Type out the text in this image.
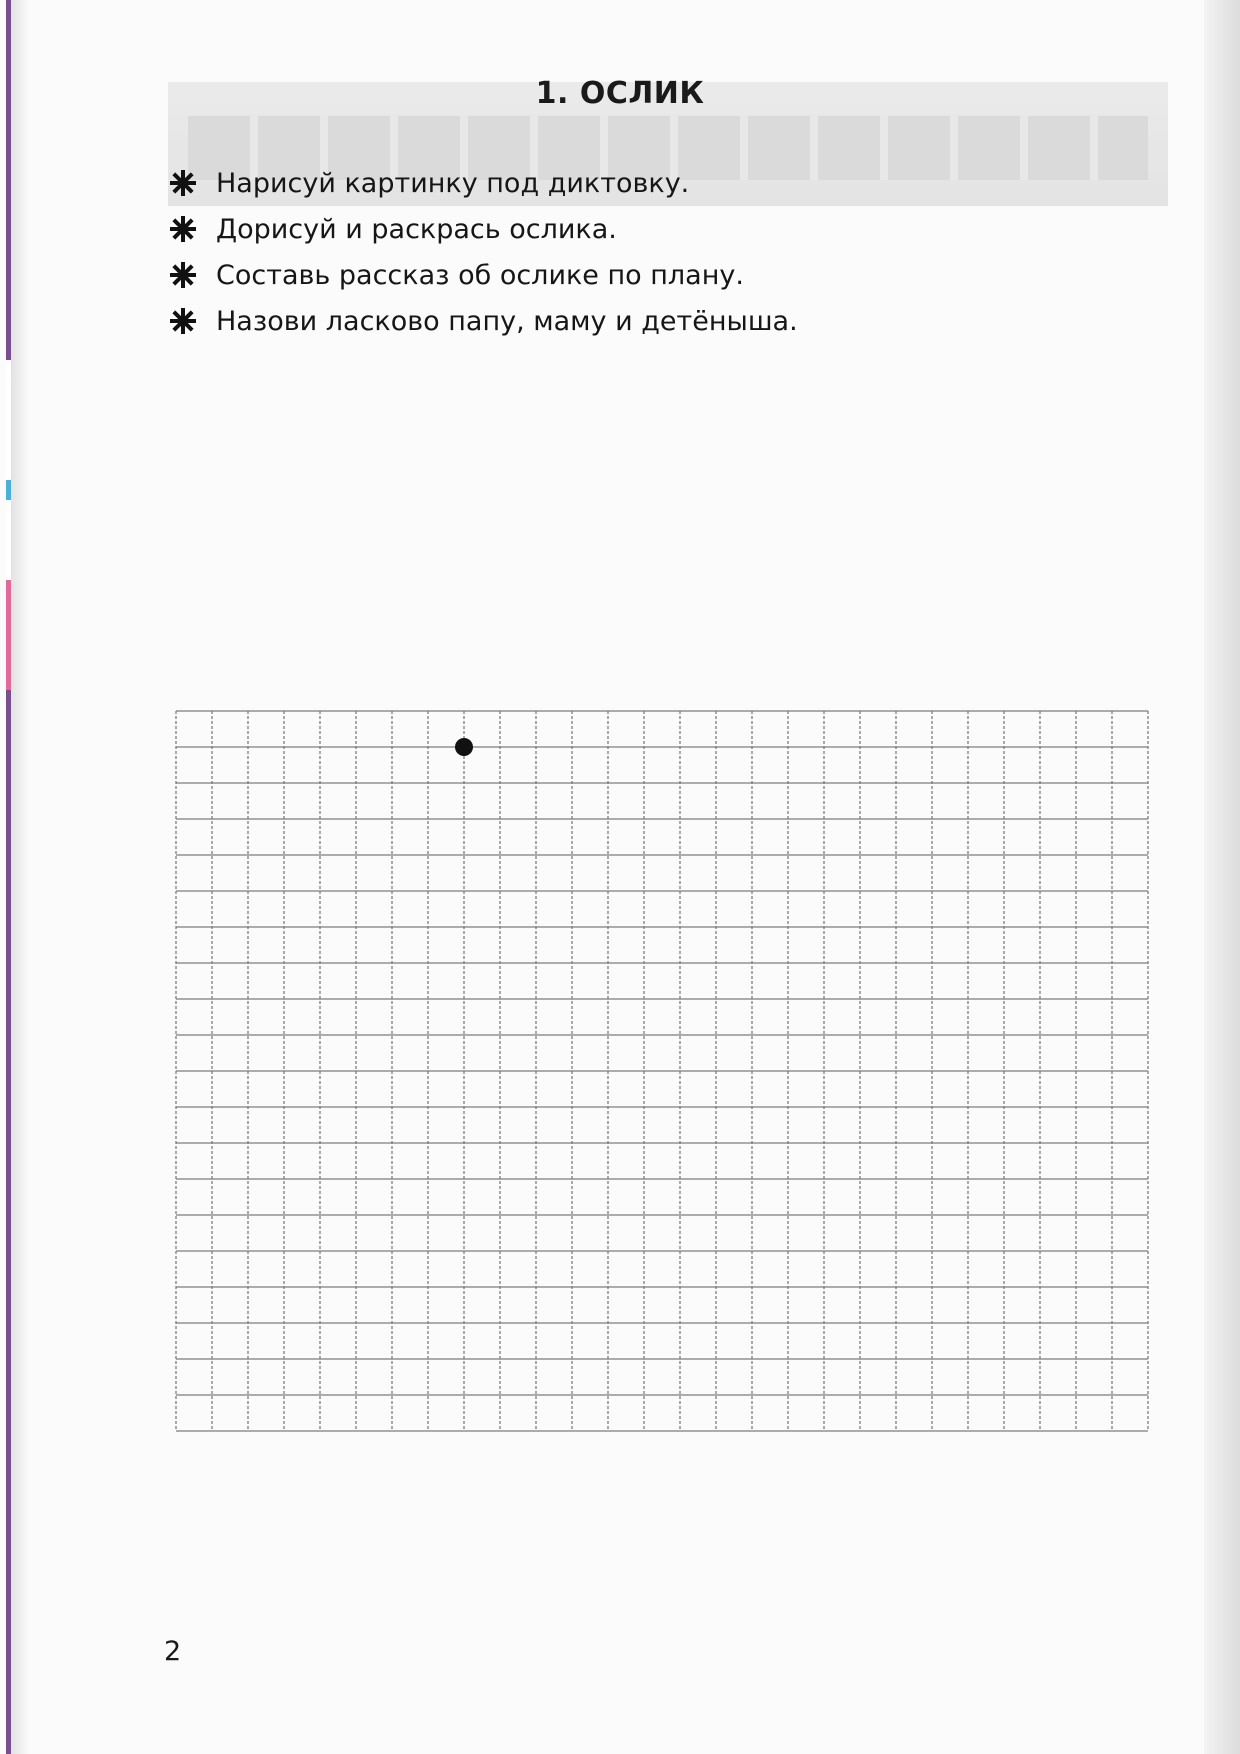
1. ОСЛИК
Нарисуй картинку под диктовку.
Дорисуй и раскрась ослика.
Составь рассказ об ослике по плану.
Назови ласково папу, маму и детёныша.
2
